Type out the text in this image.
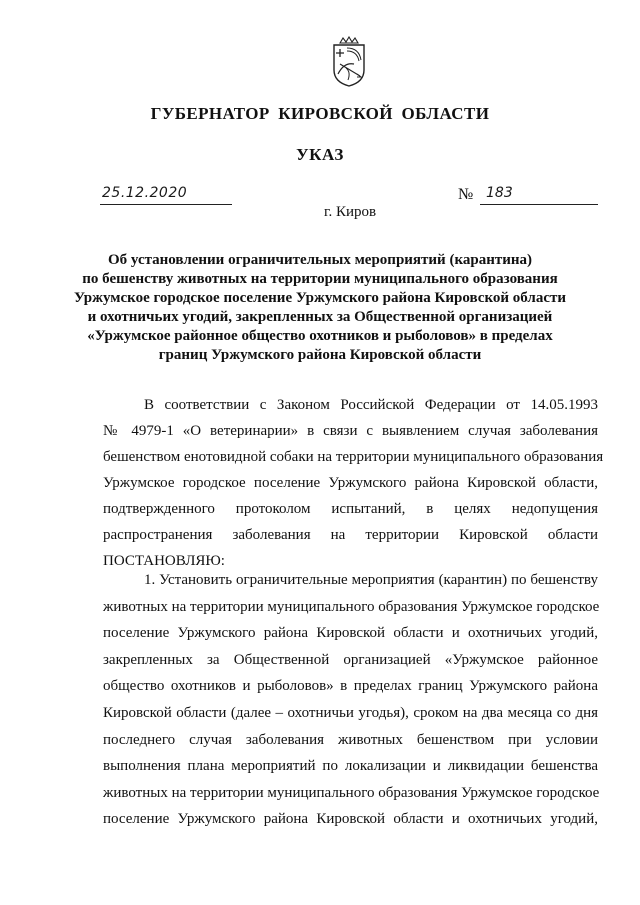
ГУБЕРНАТОР КИРОВСКОЙ ОБЛАСТИ
УКАЗ
25.12.2020	№ 183
г. Киров
Об установлении ограничительных мероприятий (карантина)
по бешенству животных на территории муниципального образования
Уржумское городское поселение Уржумского района Кировской области
и охотничьих угодий, закрепленных за Общественной организацией
«Уржумское районное общество охотников и рыболовов» в пределах
границ Уржумского района Кировской области
В соответствии с Законом Российской Федерации от 14.05.1993
№ 4979-1 «О ветеринарии» в связи с выявлением случая заболевания
бешенством енотовидной собаки на территории муниципального образования
Уржумское городское поселение Уржумского района Кировской области,
подтвержденного протоколом испытаний, в целях недопущения
распространения заболевания на территории Кировской области
ПОСТАНОВЛЯЮ:
1. Установить ограничительные мероприятия (карантин) по бешенству
животных на территории муниципального образования Уржумское городское
поселение Уржумского района Кировской области и охотничьих угодий,
закрепленных за Общественной организацией «Уржумское районное
общество охотников и рыболовов» в пределах границ Уржумского района
Кировской области (далее – охотничьи угодья), сроком на два месяца со дня
последнего случая заболевания животных бешенством при условии
выполнения плана мероприятий по локализации и ликвидации бешенства
животных на территории муниципального образования Уржумское городское
поселение Уржумского района Кировской области и охотничьих угодий,
